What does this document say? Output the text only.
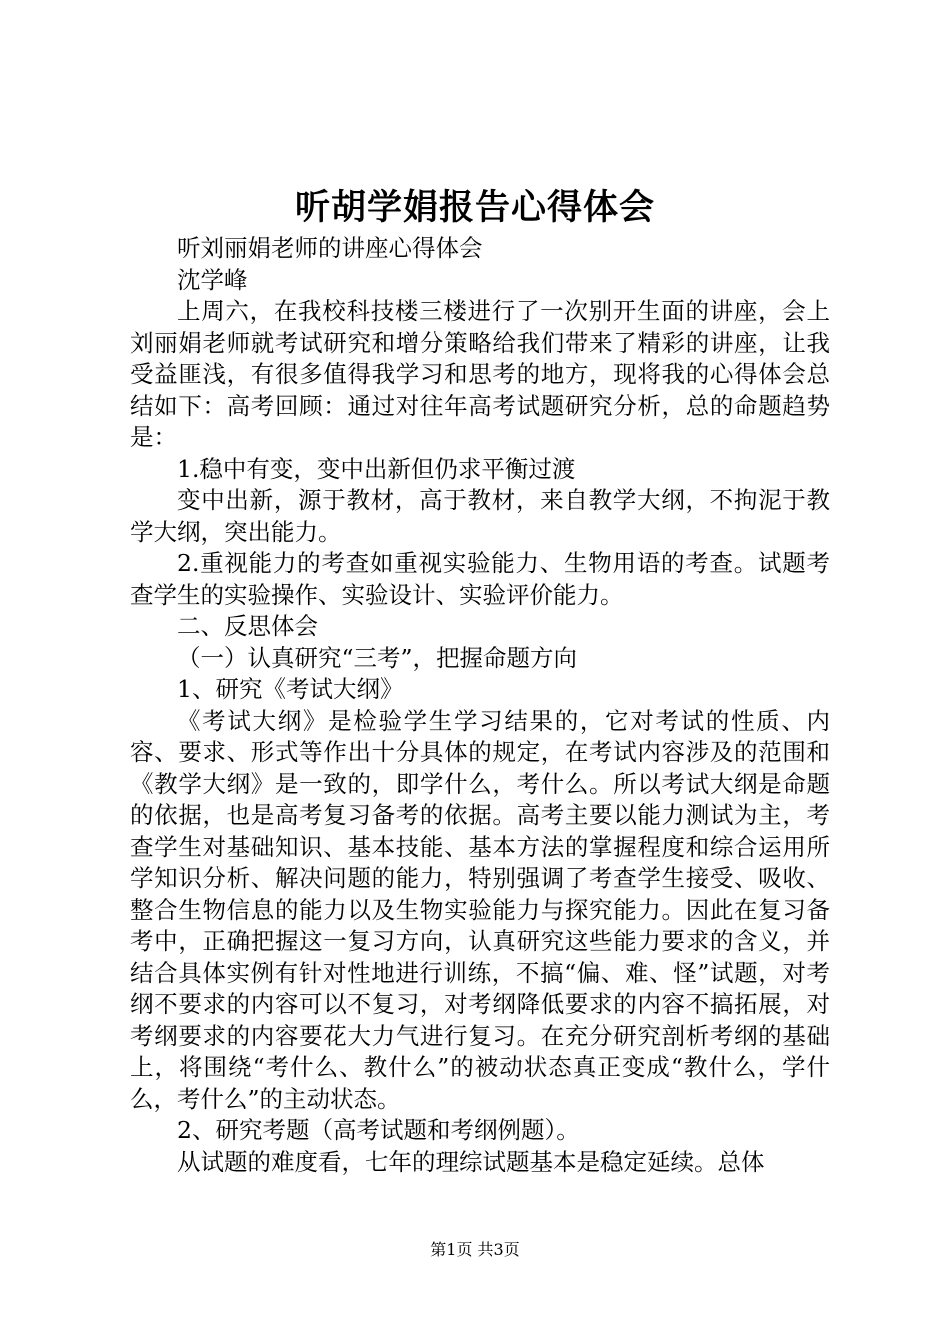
听胡学娟报告心得体会

听刘丽娟老师的讲座心得体会

沈学峰

上周六，在我校科技楼三楼进行了一次别开生面的讲座，会上刘丽娟老师就考试研究和增分策略给我们带来了精彩的讲座，让我受益匪浅，有很多值得我学习和思考的地方，现将我的心得体会总结如下：高考回顾：通过对往年高考试题研究分析，总的命题趋势是：

1.稳中有变，变中出新但仍求平衡过渡

变中出新，源于教材，高于教材，来自教学大纲，不拘泥于教学大纲，突出能力。

2.重视能力的考查如重视实验能力、生物用语的考查。试题考查学生的实验操作、实验设计、实验评价能力。

二、反思体会

（一）认真研究“三考”，把握命题方向

1、研究《考试大纲》

《考试大纲》是检验学生学习结果的，它对考试的性质、内容、要求、形式等作出十分具体的规定，在考试内容涉及的范围和《教学大纲》是一致的，即学什么，考什么。所以考试大纲是命题的依据，也是高考复习备考的依据。高考主要以能力测试为主，考查学生对基础知识、基本技能、基本方法的掌握程度和综合运用所学知识分析、解决问题的能力，特别强调了考查学生接受、吸收、整合生物信息的能力以及生物实验能力与探究能力。因此在复习备考中，正确把握这一复习方向，认真研究这些能力要求的含义，并结合具体实例有针对性地进行训练，不搞“偏、难、怪”试题，对考纲不要求的内容可以不复习，对考纲降低要求的内容不搞拓展，对考纲要求的内容要花大力气进行复习。在充分研究剖析考纲的基础上，将围绕“考什么、教什么”的被动状态真正变成“教什么，学什么，考什么”的主动状态。

2、研究考题（高考试题和考纲例题）。

从试题的难度看，七年的理综试题基本是稳定延续。总体

第1页 共3页
